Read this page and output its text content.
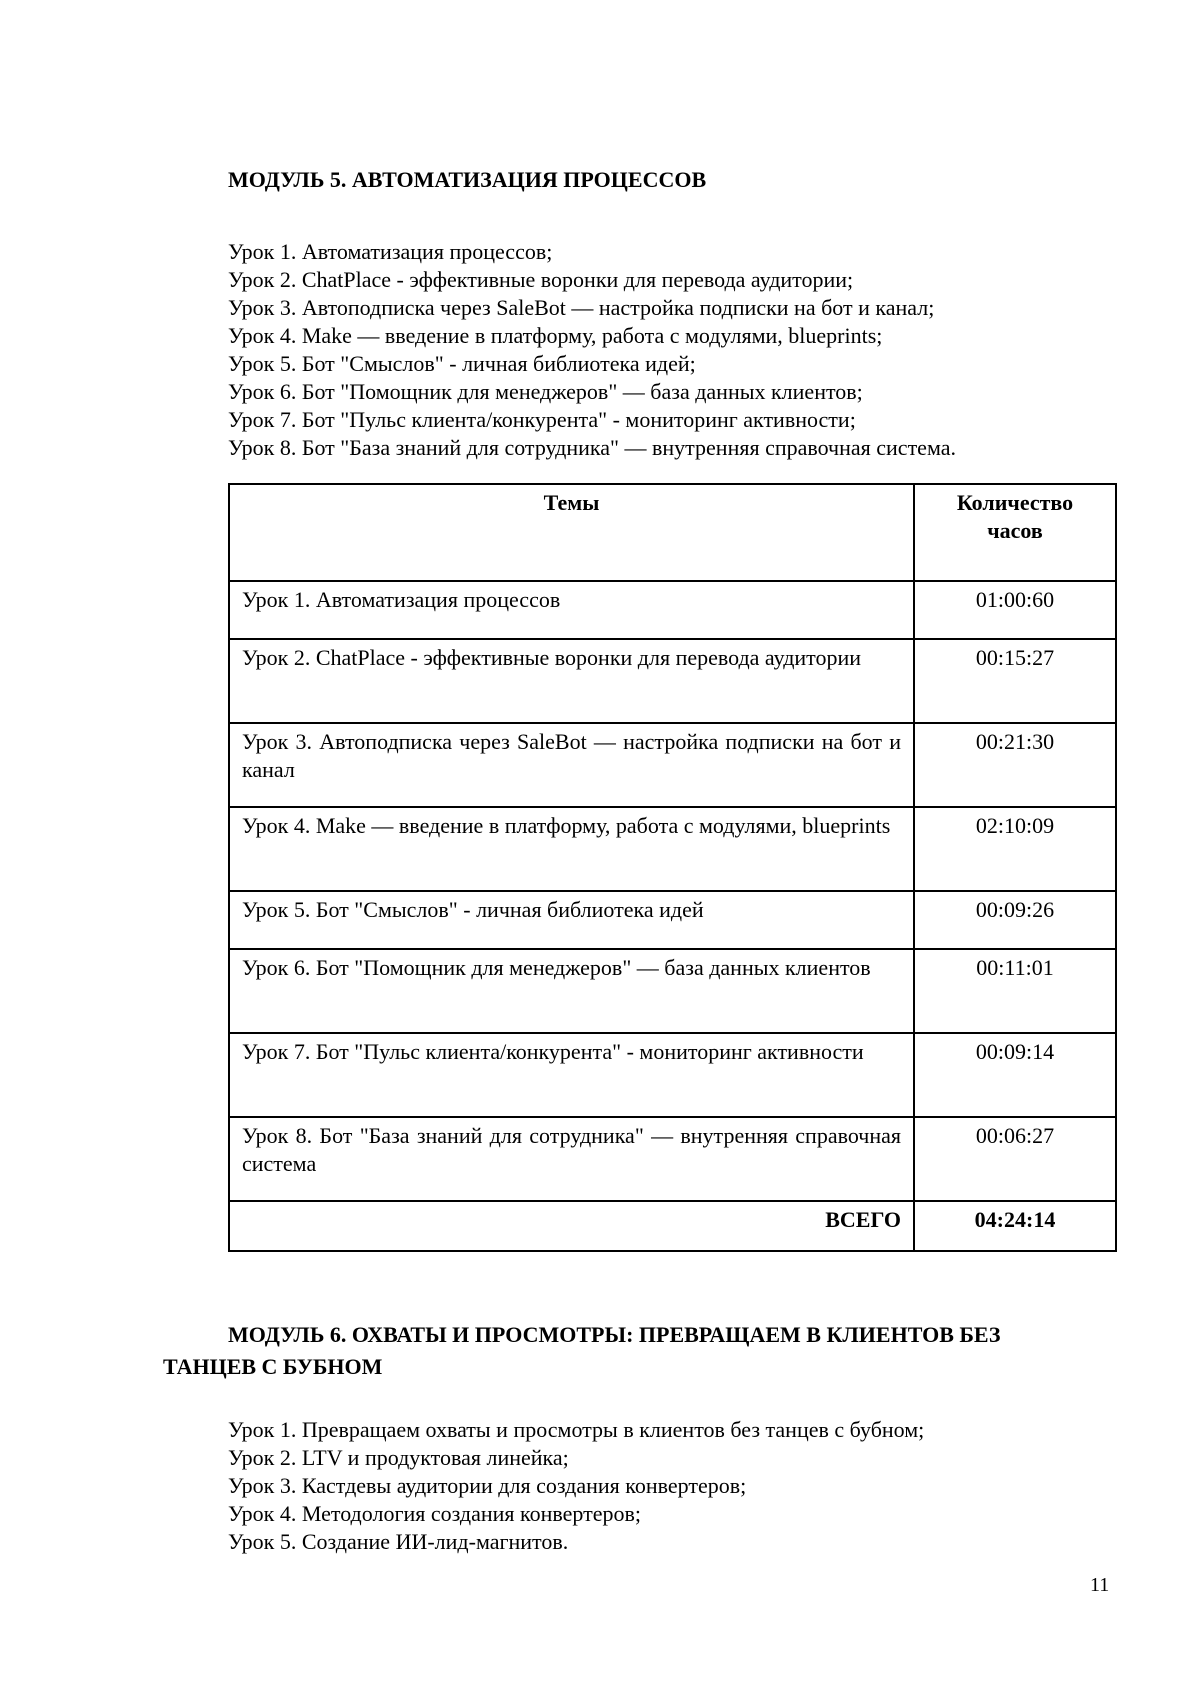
МОДУЛЬ 5. АВТОМАТИЗАЦИЯ ПРОЦЕССОВ
Урок 1. Автоматизация процессов;
Урок 2. ChatPlace - эффективные воронки для перевода аудитории;
Урок 3. Автоподписка через SaleBot — настройка подписки на бот и канал;
Урок 4. Make — введение в платформу, работа с модулями, blueprints;
Урок 5. Бот "Смыслов" - личная библиотека идей;
Урок 6. Бот "Помощник для менеджеров" — база данных клиентов;
Урок 7. Бот "Пульс клиента/конкурента" - мониторинг активности;
Урок 8. Бот "База знаний для сотрудника" — внутренняя справочная система.
Темы	Количество часов
Урок 1. Автоматизация процессов	01:00:60
Урок 2. ChatPlace - эффективные воронки для перевода аудитории	00:15:27
Урок 3. Автоподписка через SaleBot — настройка подписки на бот и канал	00:21:30
Урок 4. Make — введение в платформу, работа с модулями, blueprints	02:10:09
Урок 5. Бот "Смыслов" - личная библиотека идей	00:09:26
Урок 6. Бот "Помощник для менеджеров" — база данных клиентов	00:11:01
Урок 7. Бот "Пульс клиента/конкурента" - мониторинг активности	00:09:14
Урок 8. Бот "База знаний для сотрудника" — внутренняя справочная система	00:06:27
ВСЕГО	04:24:14
МОДУЛЬ 6. ОХВАТЫ И ПРОСМОТРЫ: ПРЕВРАЩАЕМ В КЛИЕНТОВ БЕЗ
ТАНЦЕВ С БУБНОМ
Урок 1. Превращаем охваты и просмотры в клиентов без танцев с бубном;
Урок 2. LTV и продуктовая линейка;
Урок 3. Кастдевы аудитории для создания конвертеров;
Урок 4. Методология создания конвертеров;
Урок 5. Создание ИИ-лид-магнитов.
11
